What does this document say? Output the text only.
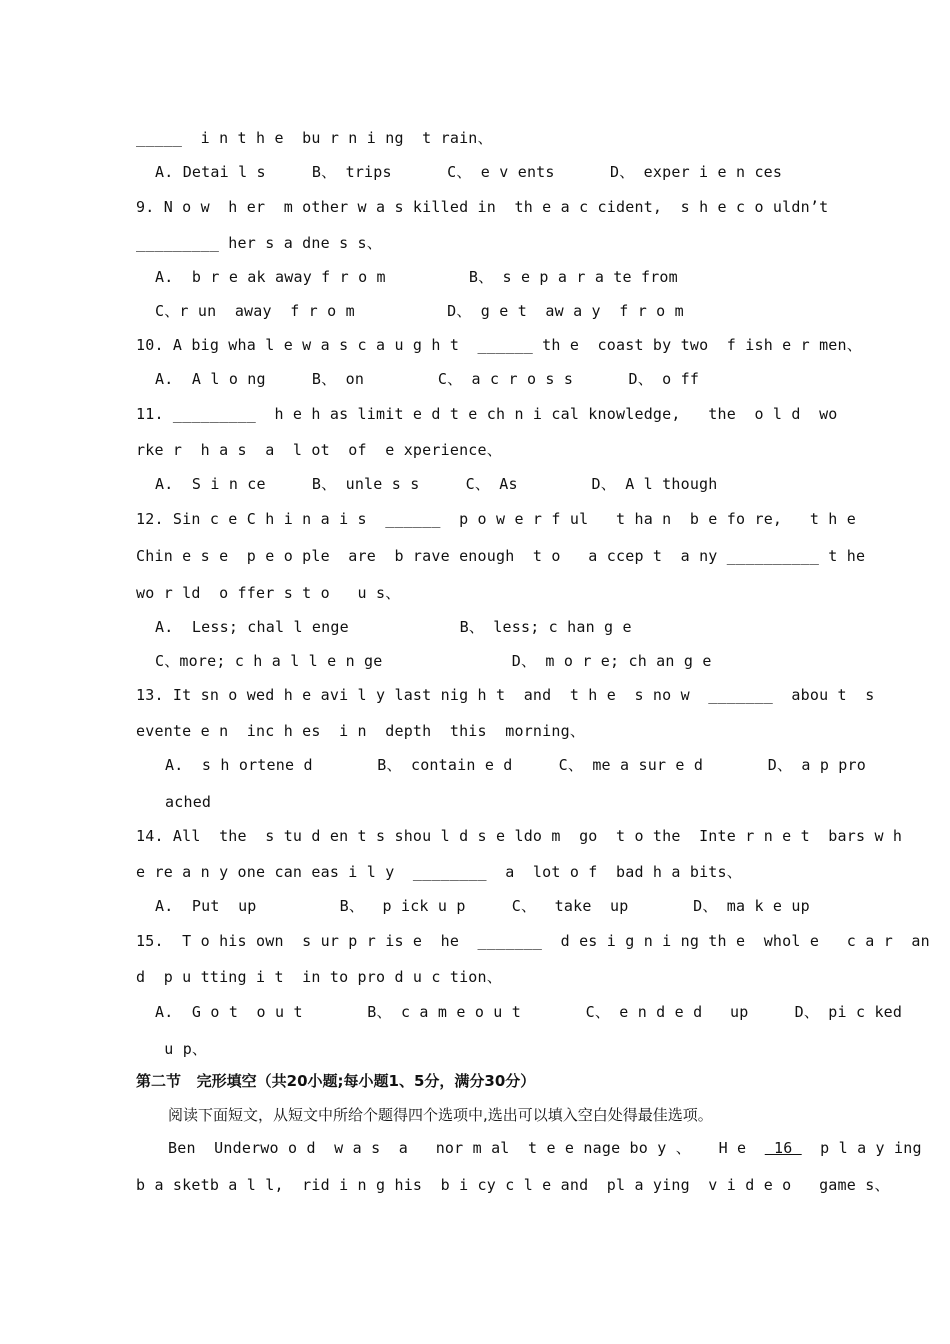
_____  i n t h e  bu r n i ng  t rain、
A. Detai l s     B、 trips      C、 e v ents      D、 exper i e n ces
9. N o w  h er  m other w a s killed in  th e a c cident,  s h e c o uldn’t
_________ her s a dne s s、
A.  b r e ak away f r o m         B、 s e p a r a te from
C、r un  away  f r o m          D、 g e t  aw a y  f r o m
10. A big wha l e w a s c a u g h t  ______ th e  coast by two  f ish e r men、
A.  A l o ng     B、 on        C、 a c r o s s      D、 o ff
11. _________  h e h as limit e d t e ch n i cal knowledge,   the  o l d  wo
rke r  h a s  a  l ot  of  e xperience、
A.  S i n ce     B、 unle s s     C、 As        D、 A l though
12. Sin c e C h i n a i s  ______  p o w e r f ul   t ha n  b e fo re,   t h e
Chin e s e  p e o ple  are  b rave enough  t o   a ccep t  a ny __________ t he
wo r ld  o ffer s t o   u s、
A.  Less; chal l enge            B、 less; c han g e
C、more; c h a l l e n ge              D、 m o r e; ch an g e
13. It sn o wed h e avi l y last nig h t  and  t h e  s no w  _______  abou t  s
evente e n  inc h es  i n  depth  this  morning、
A.  s h ortene d       B、 contain e d     C、 me a sur e d       D、 a p pro
ached
14. All  the  s tu d en t s shou l d s e ldo m  go  t o the  Inte r n e t  bars w h
e re a n y one can eas i l y  ________  a  lot o f  bad h a bits、
A.  Put  up         B、  p ick u p     C、  take  up       D、 ma k e up
15.  T o his own  s ur p r is e  he  _______  d es i g n i ng th e  whol e   c a r  an
d  p u tting i t  in to pro d u c tion、
A.  G o t  o u t       B、 c a m e o u t       C、 e n d e d   up     D、 pi c ked
u p、
第二节   完形填空（共20小题;每小题1、5分，满分30分）
阅读下面短文，从短文中所给个题得四个选项中,选出可以填入空白处得最佳选项。
Ben  Underwo o d  w a s  a   nor m al  t e e nage bo y 、   H e   16   p l a y ing
b a sketb a l l,  rid i n g his  b i cy c l e and  pl a ying  v i d e o   game s、
